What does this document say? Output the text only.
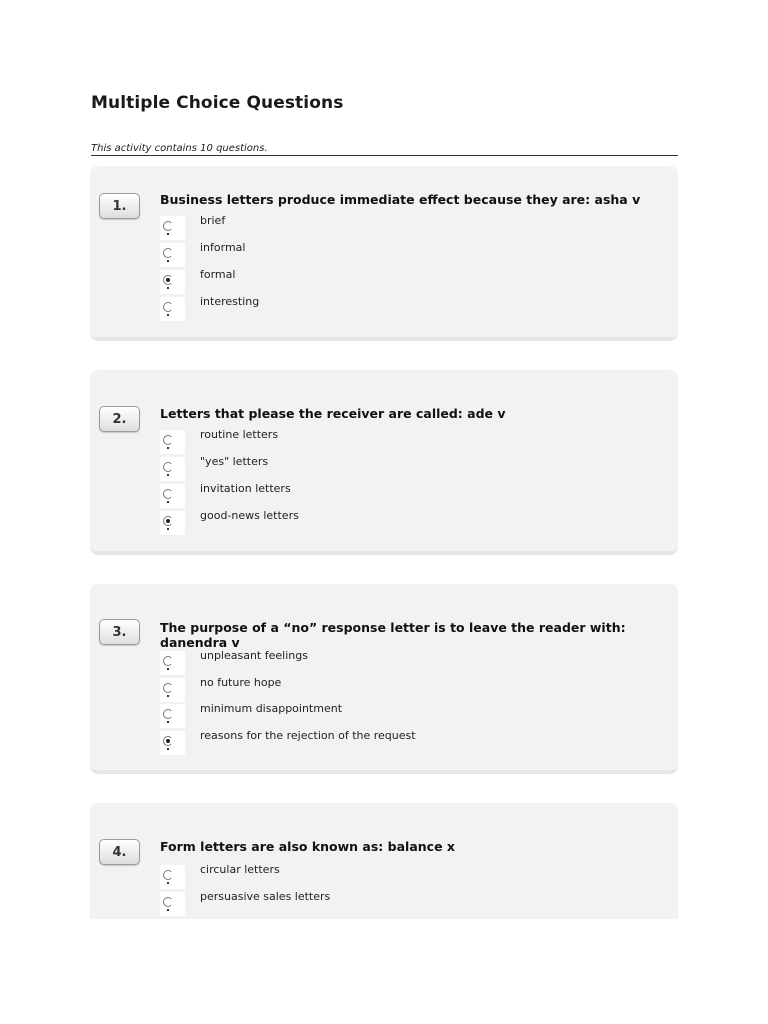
Multiple Choice Questions
This activity contains 10 questions.
1.	Business letters produce immediate effect because they are: asha v
brief
informal
formal
interesting
2.	Letters that please the receiver are called: ade v
routine letters
"yes" letters
invitation letters
good-news letters
3.	The purpose of a “no” response letter is to leave the reader with: danendra v
unpleasant feelings
no future hope
minimum disappointment
reasons for the rejection of the request
4.	Form letters are also known as: balance x
circular letters
persuasive sales letters
